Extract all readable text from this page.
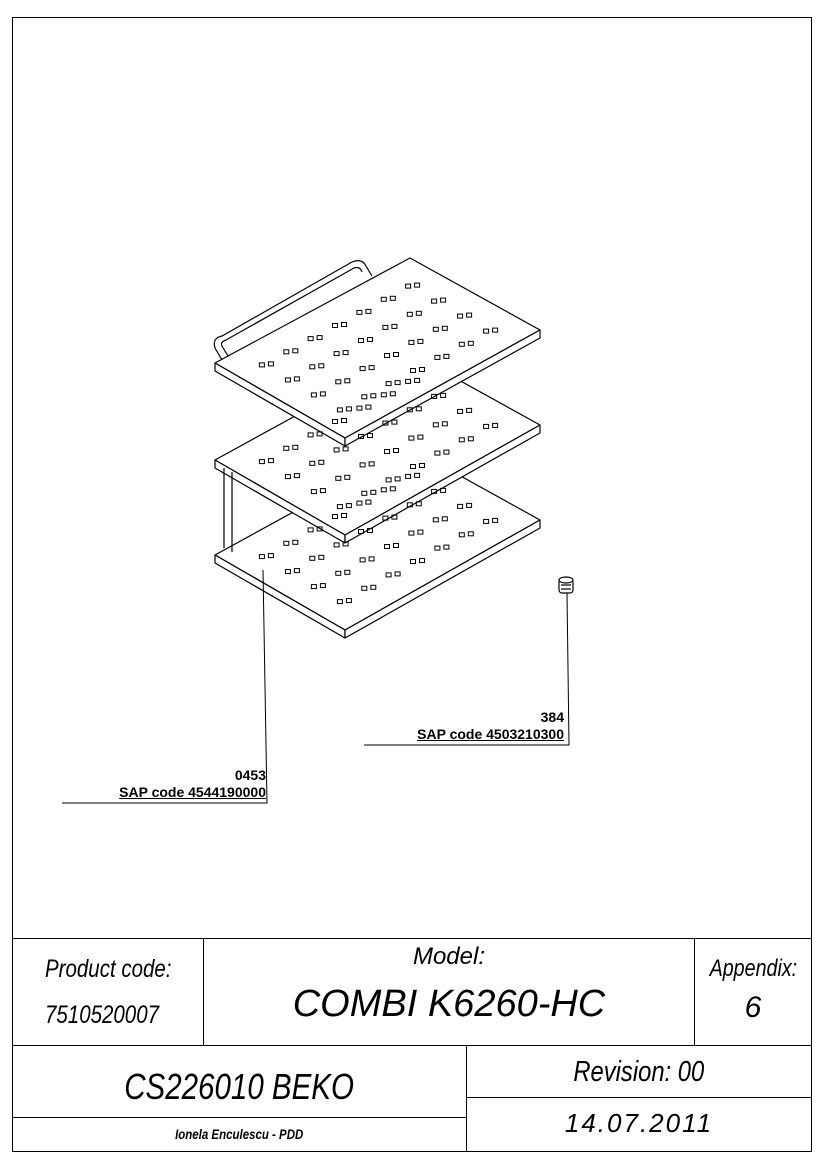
384
SAP code 4503210300
0453
SAP code 4544190000
Product code:
7510520007
Model:
COMBI K6260-HC
Appendix:
6
CS226010 BEKO	Revision: 00
14.07.2011
Ionela Enculescu - PDD
